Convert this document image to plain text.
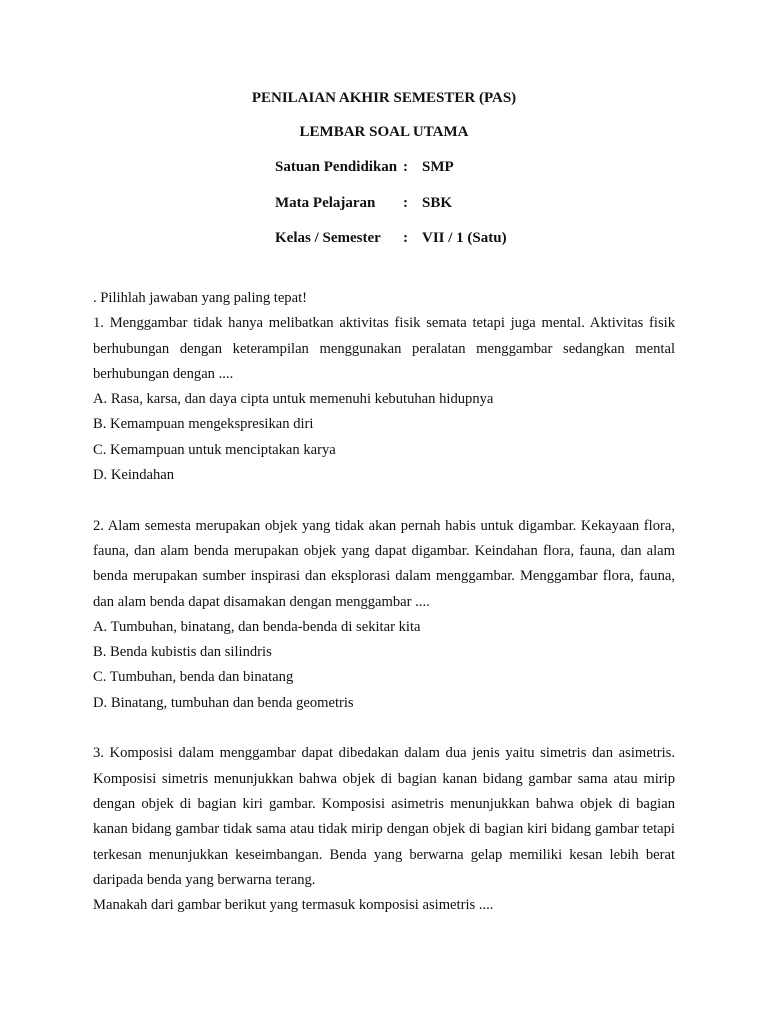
PENILAIAN AKHIR SEMESTER (PAS)
LEMBAR SOAL UTAMA
Satuan Pendidikan : SMP
Mata Pelajaran : SBK
Kelas / Semester : VII / 1 (Satu)

. Pilihlah jawaban yang paling tepat!

1. Menggambar tidak hanya melibatkan aktivitas fisik semata tetapi juga mental. Aktivitas fisik berhubungan dengan keterampilan menggunakan peralatan menggambar sedangkan mental berhubungan dengan ....

A. Rasa, karsa, dan daya cipta untuk memenuhi kebutuhan hidupnya

B. Kemampuan mengekspresikan diri

C. Kemampuan untuk menciptakan karya

D. Keindahan

2. Alam semesta merupakan objek yang tidak akan pernah habis untuk digambar. Kekayaan flora, fauna, dan alam benda merupakan objek yang dapat digambar. Keindahan flora, fauna, dan alam benda merupakan sumber inspirasi dan eksplorasi dalam menggambar. Menggambar flora, fauna, dan alam benda dapat disamakan dengan menggambar ....

A. Tumbuhan, binatang, dan benda-benda di sekitar kita

B. Benda kubistis dan silindris

C. Tumbuhan, benda dan binatang

D. Binatang, tumbuhan dan benda geometris

3. Komposisi dalam menggambar dapat dibedakan dalam dua jenis yaitu simetris dan asimetris. Komposisi simetris menunjukkan bahwa objek di bagian kanan bidang gambar sama atau mirip dengan objek di bagian kiri gambar. Komposisi asimetris menunjukkan bahwa objek di bagian kanan bidang gambar tidak sama atau tidak mirip dengan objek di bagian kiri bidang gambar tetapi terkesan menunjukkan keseimbangan. Benda yang berwarna gelap memiliki kesan lebih berat daripada benda yang berwarna terang.

Manakah dari gambar berikut yang termasuk komposisi asimetris ....
